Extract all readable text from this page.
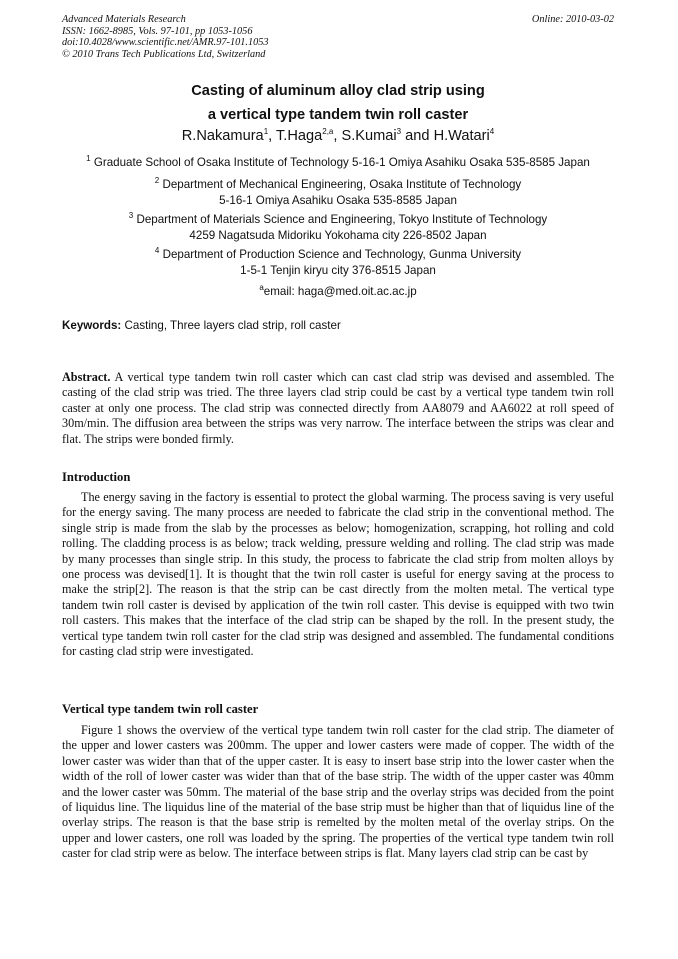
Advanced Materials Research
ISSN: 1662-8985, Vols. 97-101, pp 1053-1056
doi:10.4028/www.scientific.net/AMR.97-101.1053
© 2010 Trans Tech Publications Ltd, Switzerland
Online: 2010-03-02
Casting of aluminum alloy clad strip using
a vertical type tandem twin roll caster
R.Nakamura$^1$, T.Haga$^{2,a}$, S.Kumai$^3$ and H.Watari$^4$
$^1$ Graduate School of Osaka Institute of Technology 5-16-1 Omiya Asahiku Osaka 535-8585 Japan
$^2$ Department of Mechanical Engineering, Osaka Institute of Technology
5-16-1 Omiya Asahiku Osaka 535-8585 Japan
$^3$ Department of Materials Science and Engineering, Tokyo Institute of Technology
4259 Nagatsuda Midoriku Yokohama city 226-8502 Japan
$^4$ Department of Production Science and Technology, Gunma University
1-5-1 Tenjin kiryu city 376-8515 Japan
$^a$email: haga@med.oit.ac.ac.jp
Keywords: Casting, Three layers clad strip, roll caster
Abstract. A vertical type tandem twin roll caster which can cast clad strip was devised and assembled. The casting of the clad strip was tried. The three layers clad strip could be cast by a vertical type tandem twin roll caster at only one process. The clad strip was connected directly from AA8079 and AA6022 at roll speed of 30m/min. The diffusion area between the strips was very narrow. The interface between the strips was clear and flat. The strips were bonded firmly.
Introduction
The energy saving in the factory is essential to protect the global warming. The process saving is very useful for the energy saving. The many process are needed to fabricate the clad strip in the conventional method. The single strip is made from the slab by the processes as below; homogenization, scrapping, hot rolling and cold rolling. The cladding process is as below; track welding, pressure welding and rolling. The clad strip was made by many processes than single strip. In this study, the process to fabricate the clad strip from molten alloys by one process was devised[1]. It is thought that the twin roll caster is useful for energy saving at the process to make the strip[2]. The reason is that the strip can be cast directly from the molten metal. The vertical type tandem twin roll caster is devised by application of the twin roll caster. This devise is equipped with two twin roll casters. This makes that the interface of the clad strip can be shaped by the roll. In the present study, the vertical type tandem twin roll caster for the clad strip was designed and assembled. The fundamental conditions for casting clad strip were investigated.
Vertical type tandem twin roll caster
Figure 1 shows the overview of the vertical type tandem twin roll caster for the clad strip. The diameter of the upper and lower casters was 200mm. The upper and lower casters were made of copper. The width of the lower caster was wider than that of the upper caster. It is easy to insert base strip into the lower caster when the width of the roll of lower caster was wider than that of the base strip. The width of the upper caster was 40mm and the lower caster was 50mm. The material of the base strip and the overlay strips was decided from the point of liquidus line. The liquidus line of the material of the base strip must be higher than that of liquidus line of the overlay strips. The reason is that the base strip is remelted by the molten metal of the overlay strips. On the upper and lower casters, one roll was loaded by the spring. The properties of the vertical type tandem twin roll caster for clad strip were as below. The interface between strips is flat. Many layers clad strip can be cast by
